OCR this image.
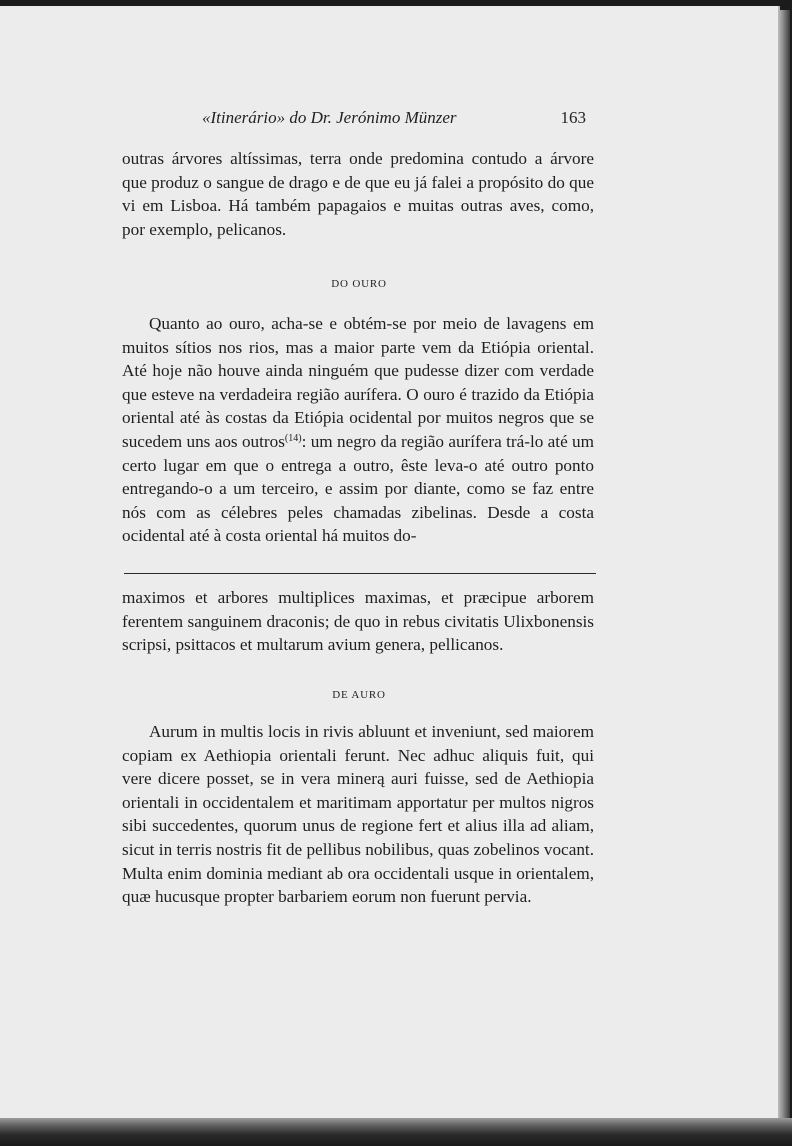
«Itinerário» do Dr. Jerónimo Münzer	163

outras árvores altíssimas, terra onde predomina contudo a árvore que produz o sangue de drago e de que eu já falei a propósito do que vi em Lisboa. Há também papagaios e muitas outras aves, como, por exemplo, pelicanos.

DO OURO

Quanto ao ouro, acha-se e obtém-se por meio de lavagens em muitos sítios nos rios, mas a maior parte vem da Etiópia oriental. Até hoje não houve ainda ninguém que pudesse dizer com verdade que esteve na verdadeira região aurífera. O ouro é trazido da Etiópia oriental até às costas da Etiópia ocidental por muitos negros que se sucedem uns aos outros$^{(14)}$: um negro da região aurífera trá-lo até um certo lugar em que o entrega a outro, êste leva-o até outro ponto entregando-o a um terceiro, e assim por diante, como se faz entre nós com as célebres peles chamadas zibelinas. Desde a costa ocidental até à costa oriental há muitos do-

maximos et arbores multiplices maximas, et præcipue arborem ferentem sanguinem draconis; de quo in rebus civitatis Ulixbonensis scripsi, psittacos et multarum avium genera, pellicanos.

DE AURO

Aurum in multis locis in rivis abluunt et inveniunt, sed maiorem copiam ex Aethiopia orientali ferunt. Nec adhuc aliquis fuit, qui vere dicere posset, se in vera minerą auri fuisse, sed de Aethiopia orientali in occidentalem et maritimam apportatur per multos nigros sibi succedentes, quorum unus de regione fert et alius illa ad aliam, sicut in terris nostris fit de pellibus nobilibus, quas zobelinos vocant. Multa enim dominia mediant ab ora occidentali usque in orientalem, quæ hucusque propter barbariem eorum non fuerunt pervia.
